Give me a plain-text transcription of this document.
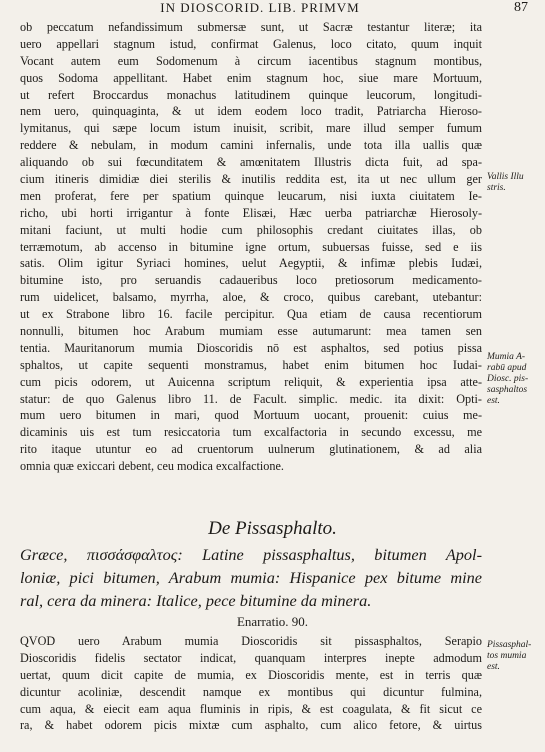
IN DIOSCORID. LIB. PRIMVM	87
ob peccatum nefandissimum submersæ sunt, ut Sacræ testantur literæ; ita
uero appellari stagnum istud, confirmat Galenus, loco citato, quum inquit
Vocant autem eum Sodomenum à circum iacentibus stagnum montibus,
quos Sodoma appellitant. Habet enim stagnum hoc, siue mare Mortuum,
ut refert Broccardus monachus latitudinem quinque leucorum, longitudi-
nem uero, quinquaginta, & ut idem eodem loco tradit, Patriarcha Hieroso-
lymitanus, qui sæpe locum istum inuisit, scribit, mare illud semper fumum
reddere & nebulam, in modum camini infernalis, unde tota illa uallis quæ
aliquando ob sui fœcunditatem & amœnitatem Illustris dicta fuit, ad spa-
cium itineris dimidiæ diei sterilis & inutilis reddita est, ita ut nec ullum ger
men proferat, fere per spatium quinque leucarum, nisi iuxta ciuitatem Ie-
richo, ubi horti irrigantur à fonte Elisæi, Hæc uerba patriarchæ Hierosoly-
mitani faciunt, ut multi hodie cum philosophis credant ciuitates illas, ob
terræmotum, ab accenso in bitumine igne ortum, subuersas fuisse, sed e iis
satis. Olim igitur Syriaci homines, uelut Aegyptii, & infimæ plebis Iudæi,
bitumine isto, pro seruandis cadaueribus loco pretiosorum medicamento-
rum uidelicet, balsamo, myrrha, aloe, & croco, quibus carebant, utebantur:
ut ex Strabone libro 16. facile percipitur. Qua etiam de causa recentiorum
nonnulli, bitumen hoc Arabum mumiam esse autumarunt: mea tamen sen
tentia. Mauritanorum mumia Dioscoridis nō est asphaltos, sed potius pissa
sphaltos, ut capite sequenti monstramus, habet enim bitumen hoc Iudai-
cum picis odorem, ut Auicenna scriptum reliquit, & experientia ipsa atte-
statur: de quo Galenus libro 11. de Facult. simplic. medic. ita dixit: Opti-
mum uero bitumen in mari, quod Mortuum uocant, prouenit: cuius me-
dicaminis uis est tum resiccatoria tum excalfactoria in secundo excessu, me
rito itaque utuntur eo ad cruentorum uulnerum glutinationem, & ad alia
omnia quæ exiccari debent, ceu modica excalfactione.
De Pissasphalto.
Græce, πισσάσφαλτος: Latine pissasphaltus, bitumen Apol-
loniæ, pici bitumen, Arabum mumia: Hispanice pex bitume mine
ral, cera da minera: Italice, pece bitumine da minera.
Enarratio. 90.
QVOD uero Arabum mumia Dioscoridis sit pissasphaltos, Serapio
Dioscoridis fidelis sectator indicat, quanquam interpres inepte admodum
uertat, quum dicit capite de mumia, ex Dioscoridis mente, est in terris quæ
dicuntur acoliniæ, descendit namque ex montibus qui dicuntur fulmina,
cum aqua, & eiecit eam aqua fluminis in ripis, & est coagulata, & fit sicut ce
ra, & habet odorem picis mixtæ cum asphalto, cum alico fetore, & uirtus
Vallis Illu
stris.
Mumia A-
rabū apud
Diosc. pis-
sasphaltos
est.
Pissasphal-
tos mumia
est.
